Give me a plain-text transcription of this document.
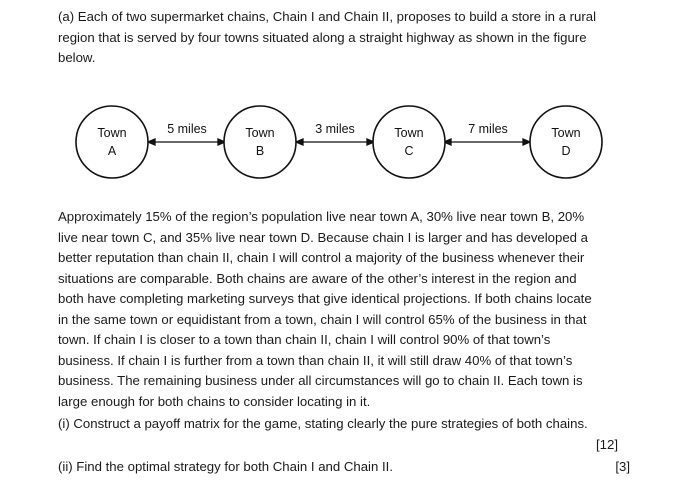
(a) Each of two supermarket chains, Chain I and Chain II, proposes to build a store in a rural

region that is served by four towns situated along a straight highway as shown in the figure

below.

Town
A
Town
B
Town
C
Town
D
5 miles	3 miles	7 miles

Approximately 15% of the region’s population live near town A, 30% live near town B, 20%

live near town C, and 35% live near town D. Because chain I is larger and has developed a

better reputation than chain II, chain I will control a majority of the business whenever their

situations are comparable. Both chains are aware of the other’s interest in the region and

both have completing marketing surveys that give identical projections. If both chains locate

in the same town or equidistant from a town, chain I will control 65% of the business in that

town. If chain I is closer to a town than chain II, chain I will control 90% of that town’s

business. If chain I is further from a town than chain II, it will still draw 40% of that town’s

business. The remaining business under all circumstances will go to chain II. Each town is

large enough for both chains to consider locating in it.

(i) Construct a payoff matrix for the game, stating clearly the pure strategies of both chains.
[12]
(ii) Find the optimal strategy for both Chain I and Chain II.	[3]
